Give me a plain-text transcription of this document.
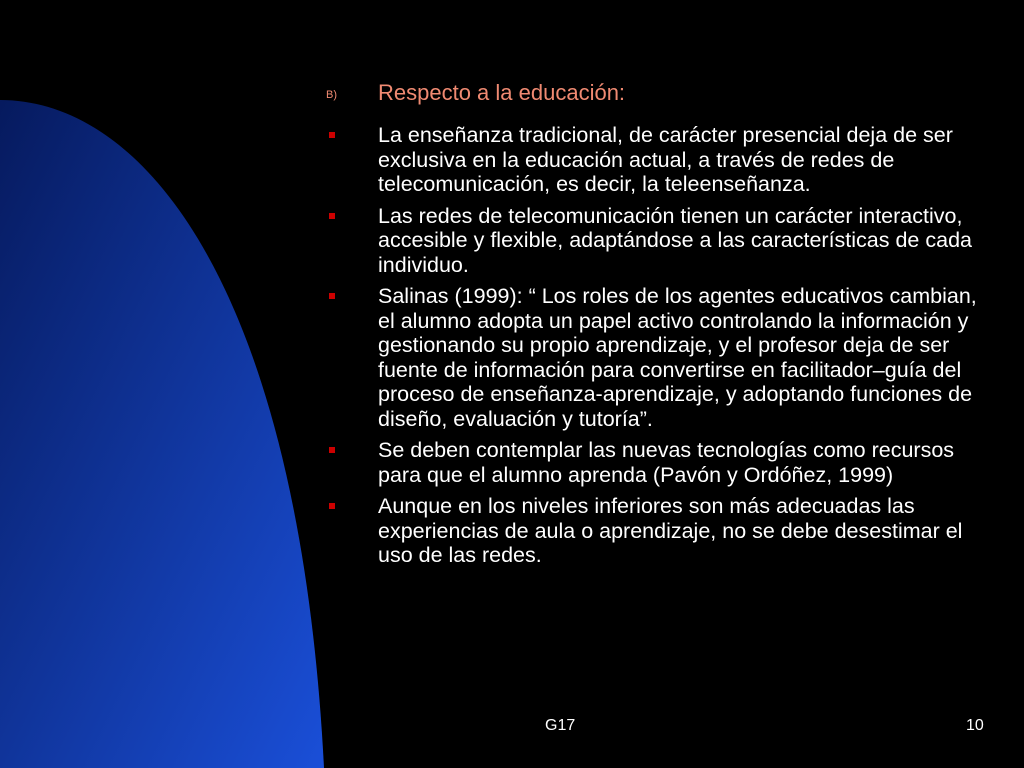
B) Respecto a la educación:
La enseñanza tradicional, de carácter presencial deja de ser exclusiva en la educación actual, a través de redes de telecomunicación, es decir, la teleenseñanza.
Las redes de telecomunicación tienen un carácter interactivo, accesible y flexible, adaptándose a las características de cada individuo.
Salinas (1999): “ Los roles de los agentes educativos cambian, el alumno adopta un papel activo controlando la información y gestionando su propio aprendizaje, y el profesor deja de ser fuente de información para convertirse en facilitador–guía del proceso de enseñanza-aprendizaje, y adoptando funciones de diseño, evaluación y tutoría”.
Se deben contemplar las nuevas tecnologías como recursos para que el alumno aprenda (Pavón y Ordóñez, 1999)
Aunque en los niveles inferiores son más adecuadas las experiencias de aula o aprendizaje, no se debe desestimar el uso de las redes.
G17	10
